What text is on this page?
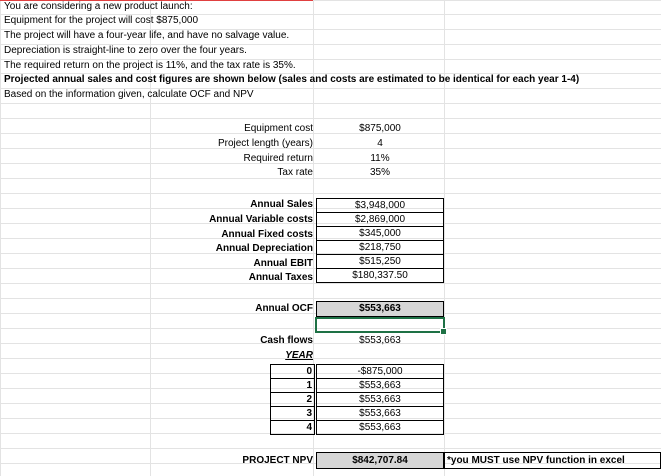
You are considering a new product launch:
Equipment for the project will cost $875,000
The project will have a four-year life, and have no salvage value.
Depreciation is straight-line to zero over the four years.
The required return on the project is 11%, and the tax rate is 35%.
Projected annual sales and cost figures are shown below (sales and costs are estimated to be identical for each year 1-4)
Based on the information given, calculate OCF and NPV
Equipment cost	$875,000
Project length (years)	4
Required return	11%
Tax rate	35%
Annual Sales	$3,948,000
Annual Variable costs	$2,869,000
Annual Fixed costs	$345,000
Annual Depreciation	$218,750
Annual EBIT	$515,250
Annual Taxes	$180,337.50
Annual OCF	$553,663
Cash flows	$553,663
YEAR
0	-$875,000
1	$553,663
2	$553,663
3	$553,663
4	$553,663
PROJECT NPV	$842,707.84	*you MUST use NPV function in excel
